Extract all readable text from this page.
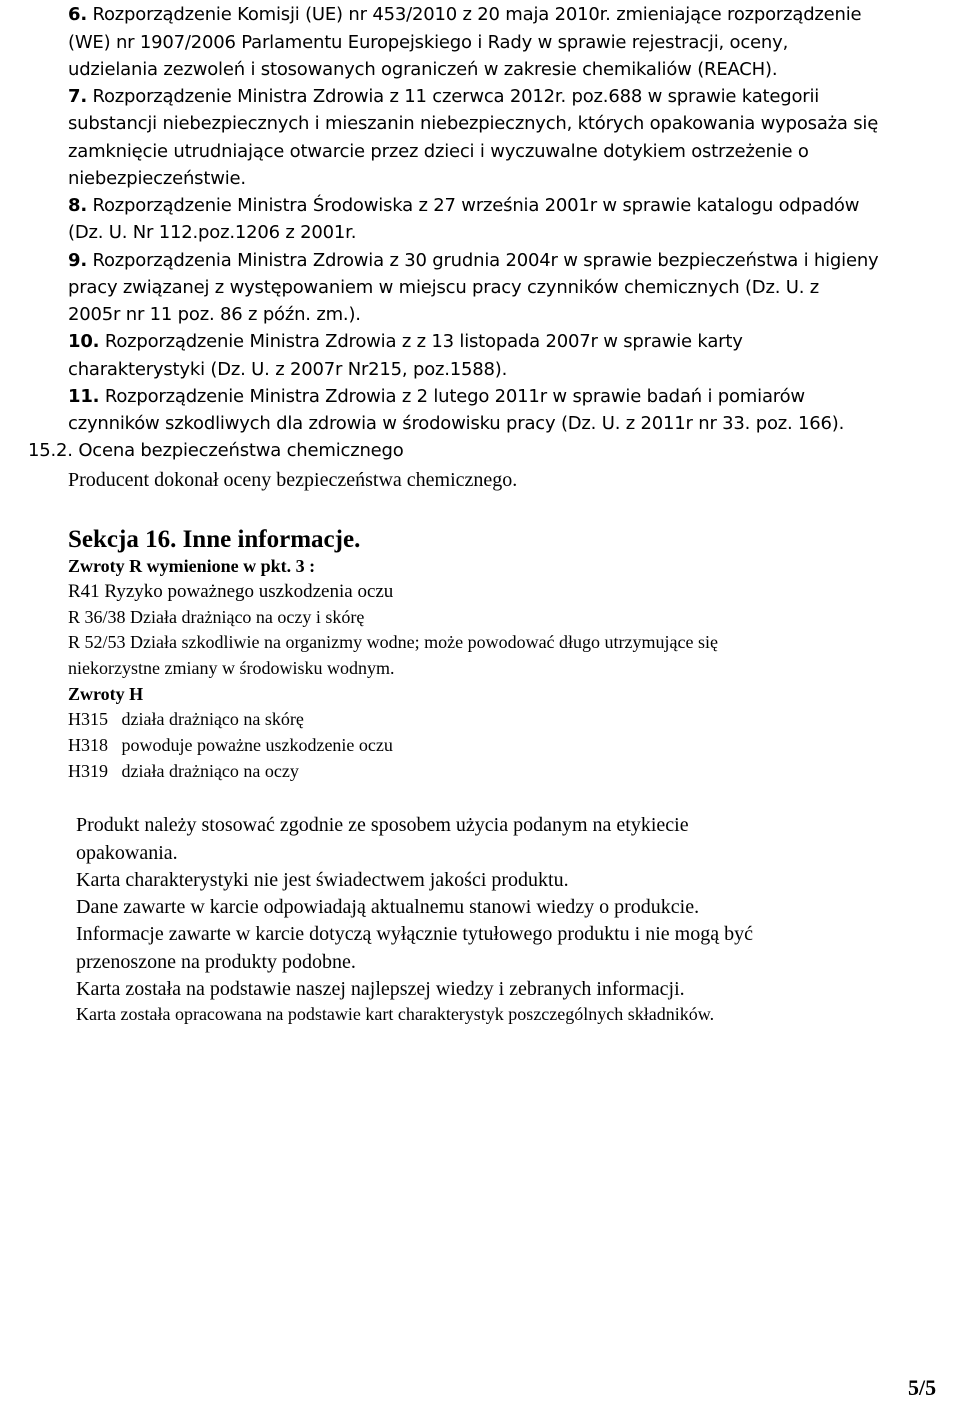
6. Rozporządzenie Komisji (UE) nr 453/2010 z 20 maja 2010r. zmieniające rozporządzenie
(WE) nr 1907/2006 Parlamentu Europejskiego i Rady w sprawie rejestracji, oceny,
udzielania zezwoleń i stosowanych ograniczeń w zakresie chemikaliów (REACH).
7. Rozporządzenie Ministra Zdrowia z 11 czerwca 2012r. poz.688 w sprawie kategorii
substancji niebezpiecznych i mieszanin niebezpiecznych, których opakowania wyposaża się
zamknięcie utrudniające otwarcie przez dzieci i wyczuwalne dotykiem ostrzeżenie o
niebezpieczeństwie.
8. Rozporządzenie Ministra Środowiska z 27 września 2001r w sprawie katalogu odpadów
(Dz. U. Nr 112.poz.1206 z 2001r.
9. Rozporządzenia Ministra Zdrowia z 30 grudnia 2004r w sprawie bezpieczeństwa i higieny
pracy związanej z występowaniem w miejscu pracy czynników chemicznych (Dz. U. z
2005r nr 11 poz. 86 z późn. zm.).
10. Rozporządzenie Ministra Zdrowia z z 13 listopada 2007r w sprawie karty
charakterystyki (Dz. U. z 2007r Nr215, poz.1588).
11. Rozporządzenie Ministra Zdrowia z 2 lutego 2011r w sprawie badań i pomiarów
czynników szkodliwych dla zdrowia w środowisku pracy (Dz. U. z 2011r nr 33. poz. 166).
15.2. Ocena bezpieczeństwa chemicznego
Producent dokonał oceny bezpieczeństwa chemicznego.
Sekcja 16. Inne informacje.
Zwroty R wymienione w pkt. 3 :
R41 Ryzyko poważnego uszkodzenia oczu
R 36/38 Działa drażniąco na oczy i skórę
R 52/53 Działa szkodliwie na organizmy wodne; może powodować długo utrzymujące się
niekorzystne zmiany w środowisku wodnym.
Zwroty H
H315   działa drażniąco na skórę
H318   powoduje poważne uszkodzenie oczu
H319   działa drażniąco na oczy
Produkt należy stosować zgodnie ze sposobem użycia podanym na etykiecie
opakowania.
Karta charakterystyki nie jest świadectwem jakości produktu.
Dane zawarte w karcie odpowiadają aktualnemu stanowi wiedzy o produkcie.
Informacje zawarte w karcie dotyczą wyłącznie tytułowego produktu i nie mogą być
przenoszone na produkty podobne.
Karta została na podstawie naszej najlepszej wiedzy i zebranych informacji.
Karta została opracowana na podstawie kart charakterystyk poszczególnych składników.
5/5
